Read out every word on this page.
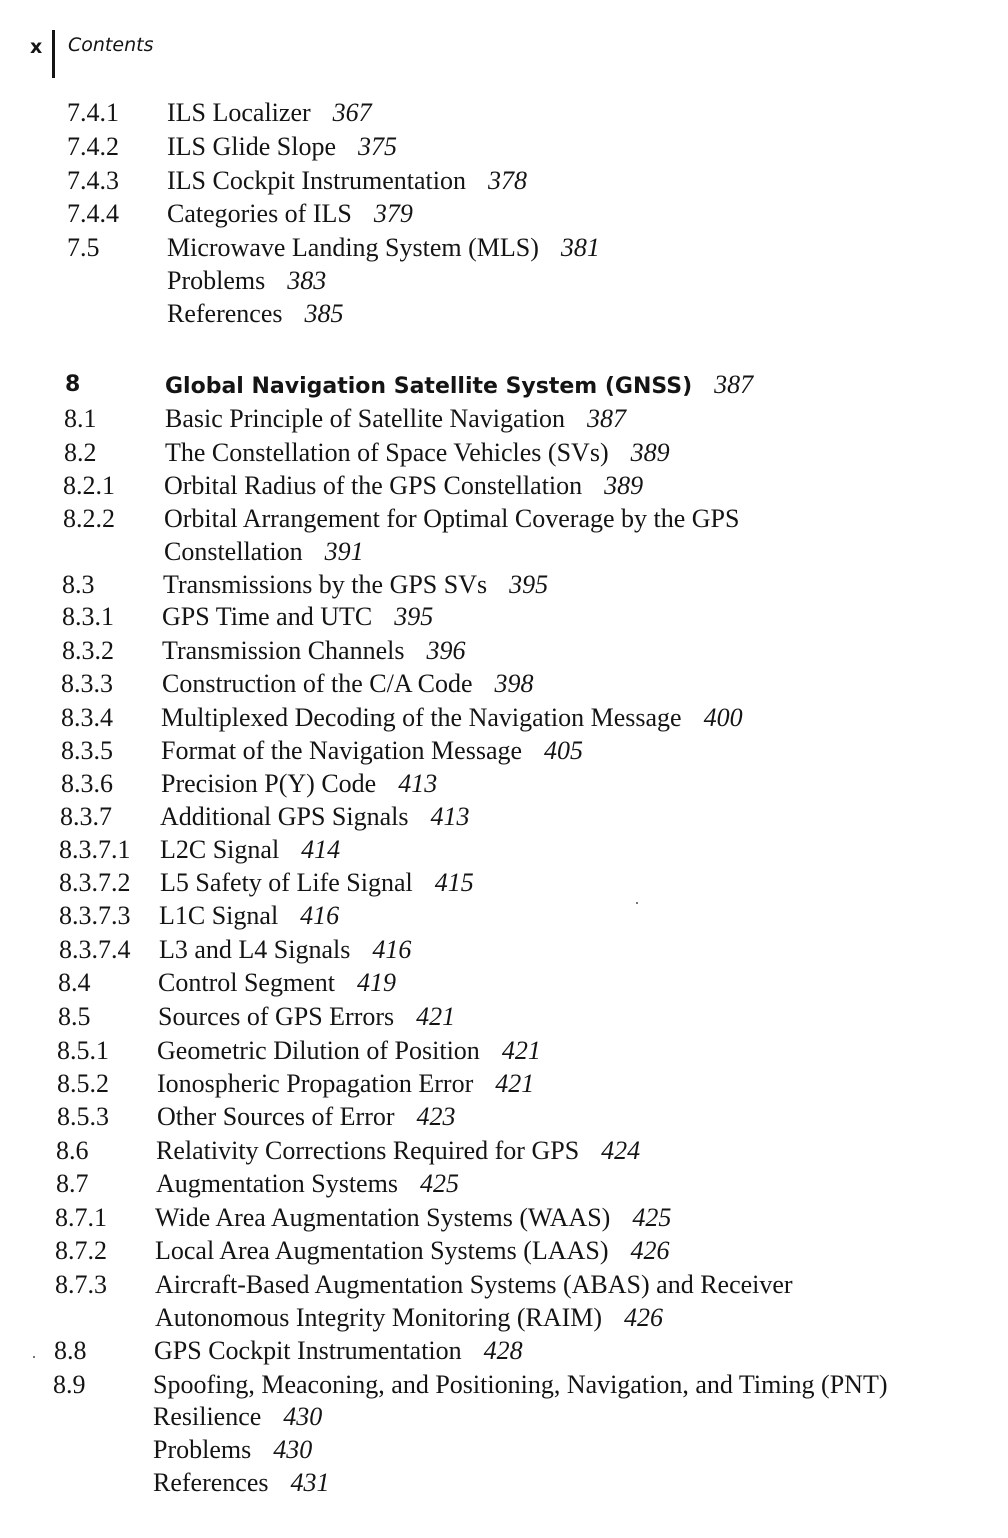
x Contents
7.4.1 ILS Localizer 367
7.4.2 ILS Glide Slope 375
7.4.3 ILS Cockpit Instrumentation 378
7.4.4 Categories of ILS 379
7.5	Microwave Landing System (MLS) 381
Problems 383
References 385
8	Global Navigation Satellite System (GNSS) 387
8.1	Basic Principle of Satellite Navigation 387
8.2	The Constellation of Space Vehicles (SVs) 389
8.2.1 Orbital Radius of the GPS Constellation 389
8.2.2 Orbital Arrangement for Optimal Coverage by the GPS
Constellation 391
8.3	Transmissions by the GPS SVs 395
8.3.1 GPS Time and UTC 395
8.3.2 Transmission Channels 396
8.3.3 Construction of the C/A Code 398
8.3.4 Multiplexed Decoding of the Navigation Message 400
8.3.5 Format of the Navigation Message 405
8.3.6 Precision P(Y) Code 413
8.3.7 Additional GPS Signals 413
8.3.7.1 L2C Signal 414
8.3.7.2 L5 Safety of Life Signal 415
8.3.7.3 L1C Signal 416
8.3.7.4 L3 and L4 Signals 416
8.4	Control Segment 419
8.5	Sources of GPS Errors 421
8.5.1 Geometric Dilution of Position 421
8.5.2 Ionospheric Propagation Error 421
8.5.3 Other Sources of Error 423
8.6	Relativity Corrections Required for GPS 424
8.7	Augmentation Systems 425
8.7.1 Wide Area Augmentation Systems (WAAS) 425
8.7.2 Local Area Augmentation Systems (LAAS) 426
8.7.3 Aircraft-Based Augmentation Systems (ABAS) and Receiver
Autonomous Integrity Monitoring (RAIM) 426
8.8	GPS Cockpit Instrumentation 428
8.9	Spoofing, Meaconing, and Positioning, Navigation, and Timing (PNT)
Resilience 430
Problems 430
References 431
